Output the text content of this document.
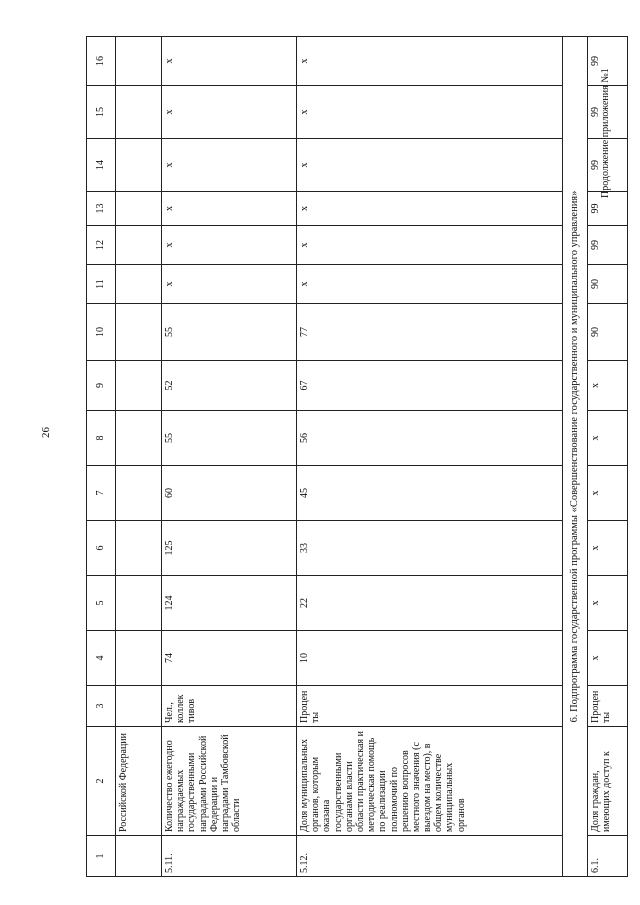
26
Продолжение приложения №1
1	2	3	4	5	6	7	8	9	10	11	12	13	14	15	16
	Российской Федерации														
5.11.	Количество ежегодно награждаемых государственными наградами Российской Федерации и наградами Тамбовской области	Чел., коллек тивов	74	124	125	60	55	52	55	х	х	х	х	х	х
5.12.	Доля муниципальных органов, которым оказана государственными органами власти области практическая и методическая помощь по реализации полномочий по решению вопросов местного значения (с выездом на место), в общем количестве муниципальных органов	Процен ты	10	22	33	45	56	67	77	х	х	х	х	х	х
6. Подпрограмма государственной программы «Совершенствование государственного и муниципального управления»															
6.1.	Доля граждан, имеющих доступ к	Процен ты	х	х	х	х	х	х	90	90	99	99	99	99	99
